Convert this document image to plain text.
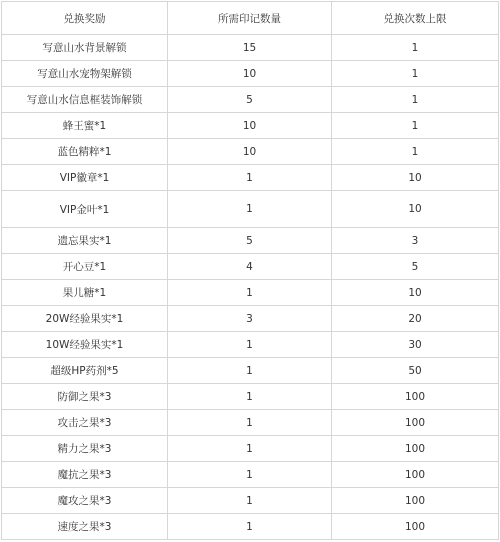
兑换奖励	所需印记数量	兑换次数上限
写意山水背景解锁	15	1
写意山水宠物架解锁	10	1
写意山水信息框装饰解锁	5	1
蜂王蜜*1	10	1
蓝色精粹*1	10	1
VIP徽章*1	1	10
VIP金叶*1	1	10
遗忘果实*1	5	3
开心豆*1	4	5
果儿糖*1	1	10
20W经验果实*1	3	20
10W经验果实*1	1	30
超级HP药剂*5	1	50
防御之果*3	1	100
攻击之果*3	1	100
精力之果*3	1	100
魔抗之果*3	1	100
魔攻之果*3	1	100
速度之果*3	1	100
